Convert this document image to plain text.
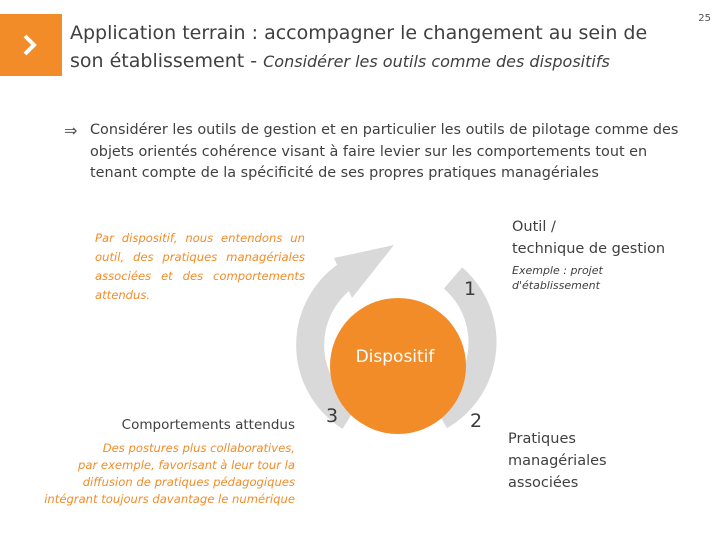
Application terrain : accompagner le changement au sein de son établissement - Considérer les outils comme des dispositifs
25
⇒ Considérer les outils de gestion et en particulier les outils de pilotage comme des objets orientés cohérence visant à faire levier sur les comportements tout en tenant compte de la spécificité de ses propres pratiques managériales
Par dispositif, nous entendons un outil, des pratiques managériales associées et des comportements attendus.
Dispositif
1
2
3
Outil /
technique de gestion
Exemple : projet
d'établissement
Comportements attendus
Des postures plus collaboratives,
par exemple, favorisant à leur tour la
diffusion de pratiques pédagogiques
intégrant toujours davantage le numérique
Pratiques
managériales
associées
